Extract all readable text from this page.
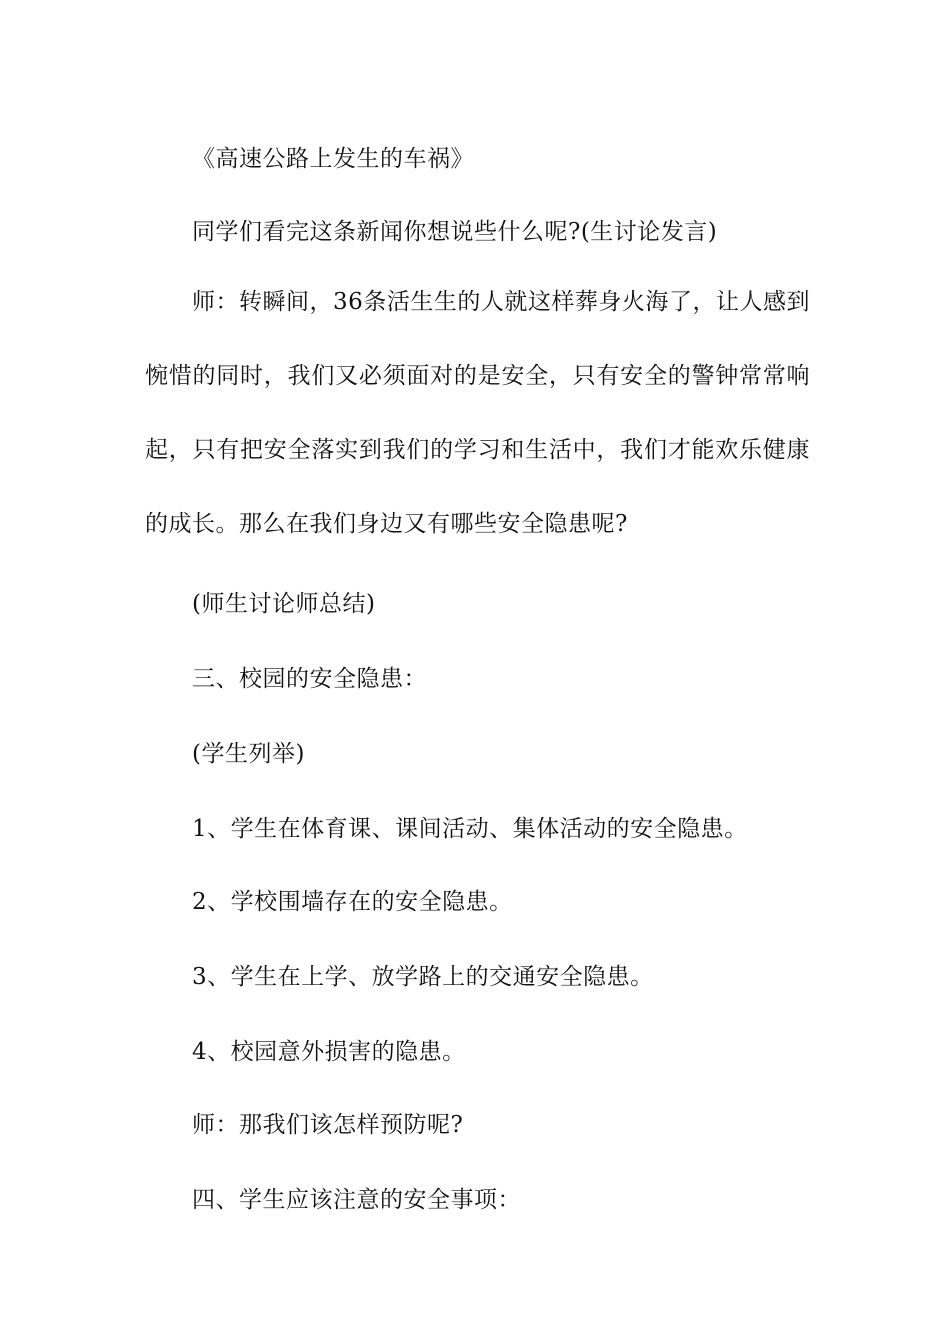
《高速公路上发生的车祸》

同学们看完这条新闻你想说些什么呢?(生讨论发言)

师：转瞬间，36条活生生的人就这样葬身火海了，让人感到惋惜的同时，我们又必须面对的是安全，只有安全的警钟常常响起，只有把安全落实到我们的学习和生活中，我们才能欢乐健康的成长。那么在我们身边又有哪些安全隐患呢?

(师生讨论师总结)

三、校园的安全隐患：

(学生列举)

1、学生在体育课、课间活动、集体活动的安全隐患。

2、学校围墙存在的安全隐患。

3、学生在上学、放学路上的交通安全隐患。

4、校园意外损害的隐患。

师：那我们该怎样预防呢?

四、学生应该注意的安全事项：
